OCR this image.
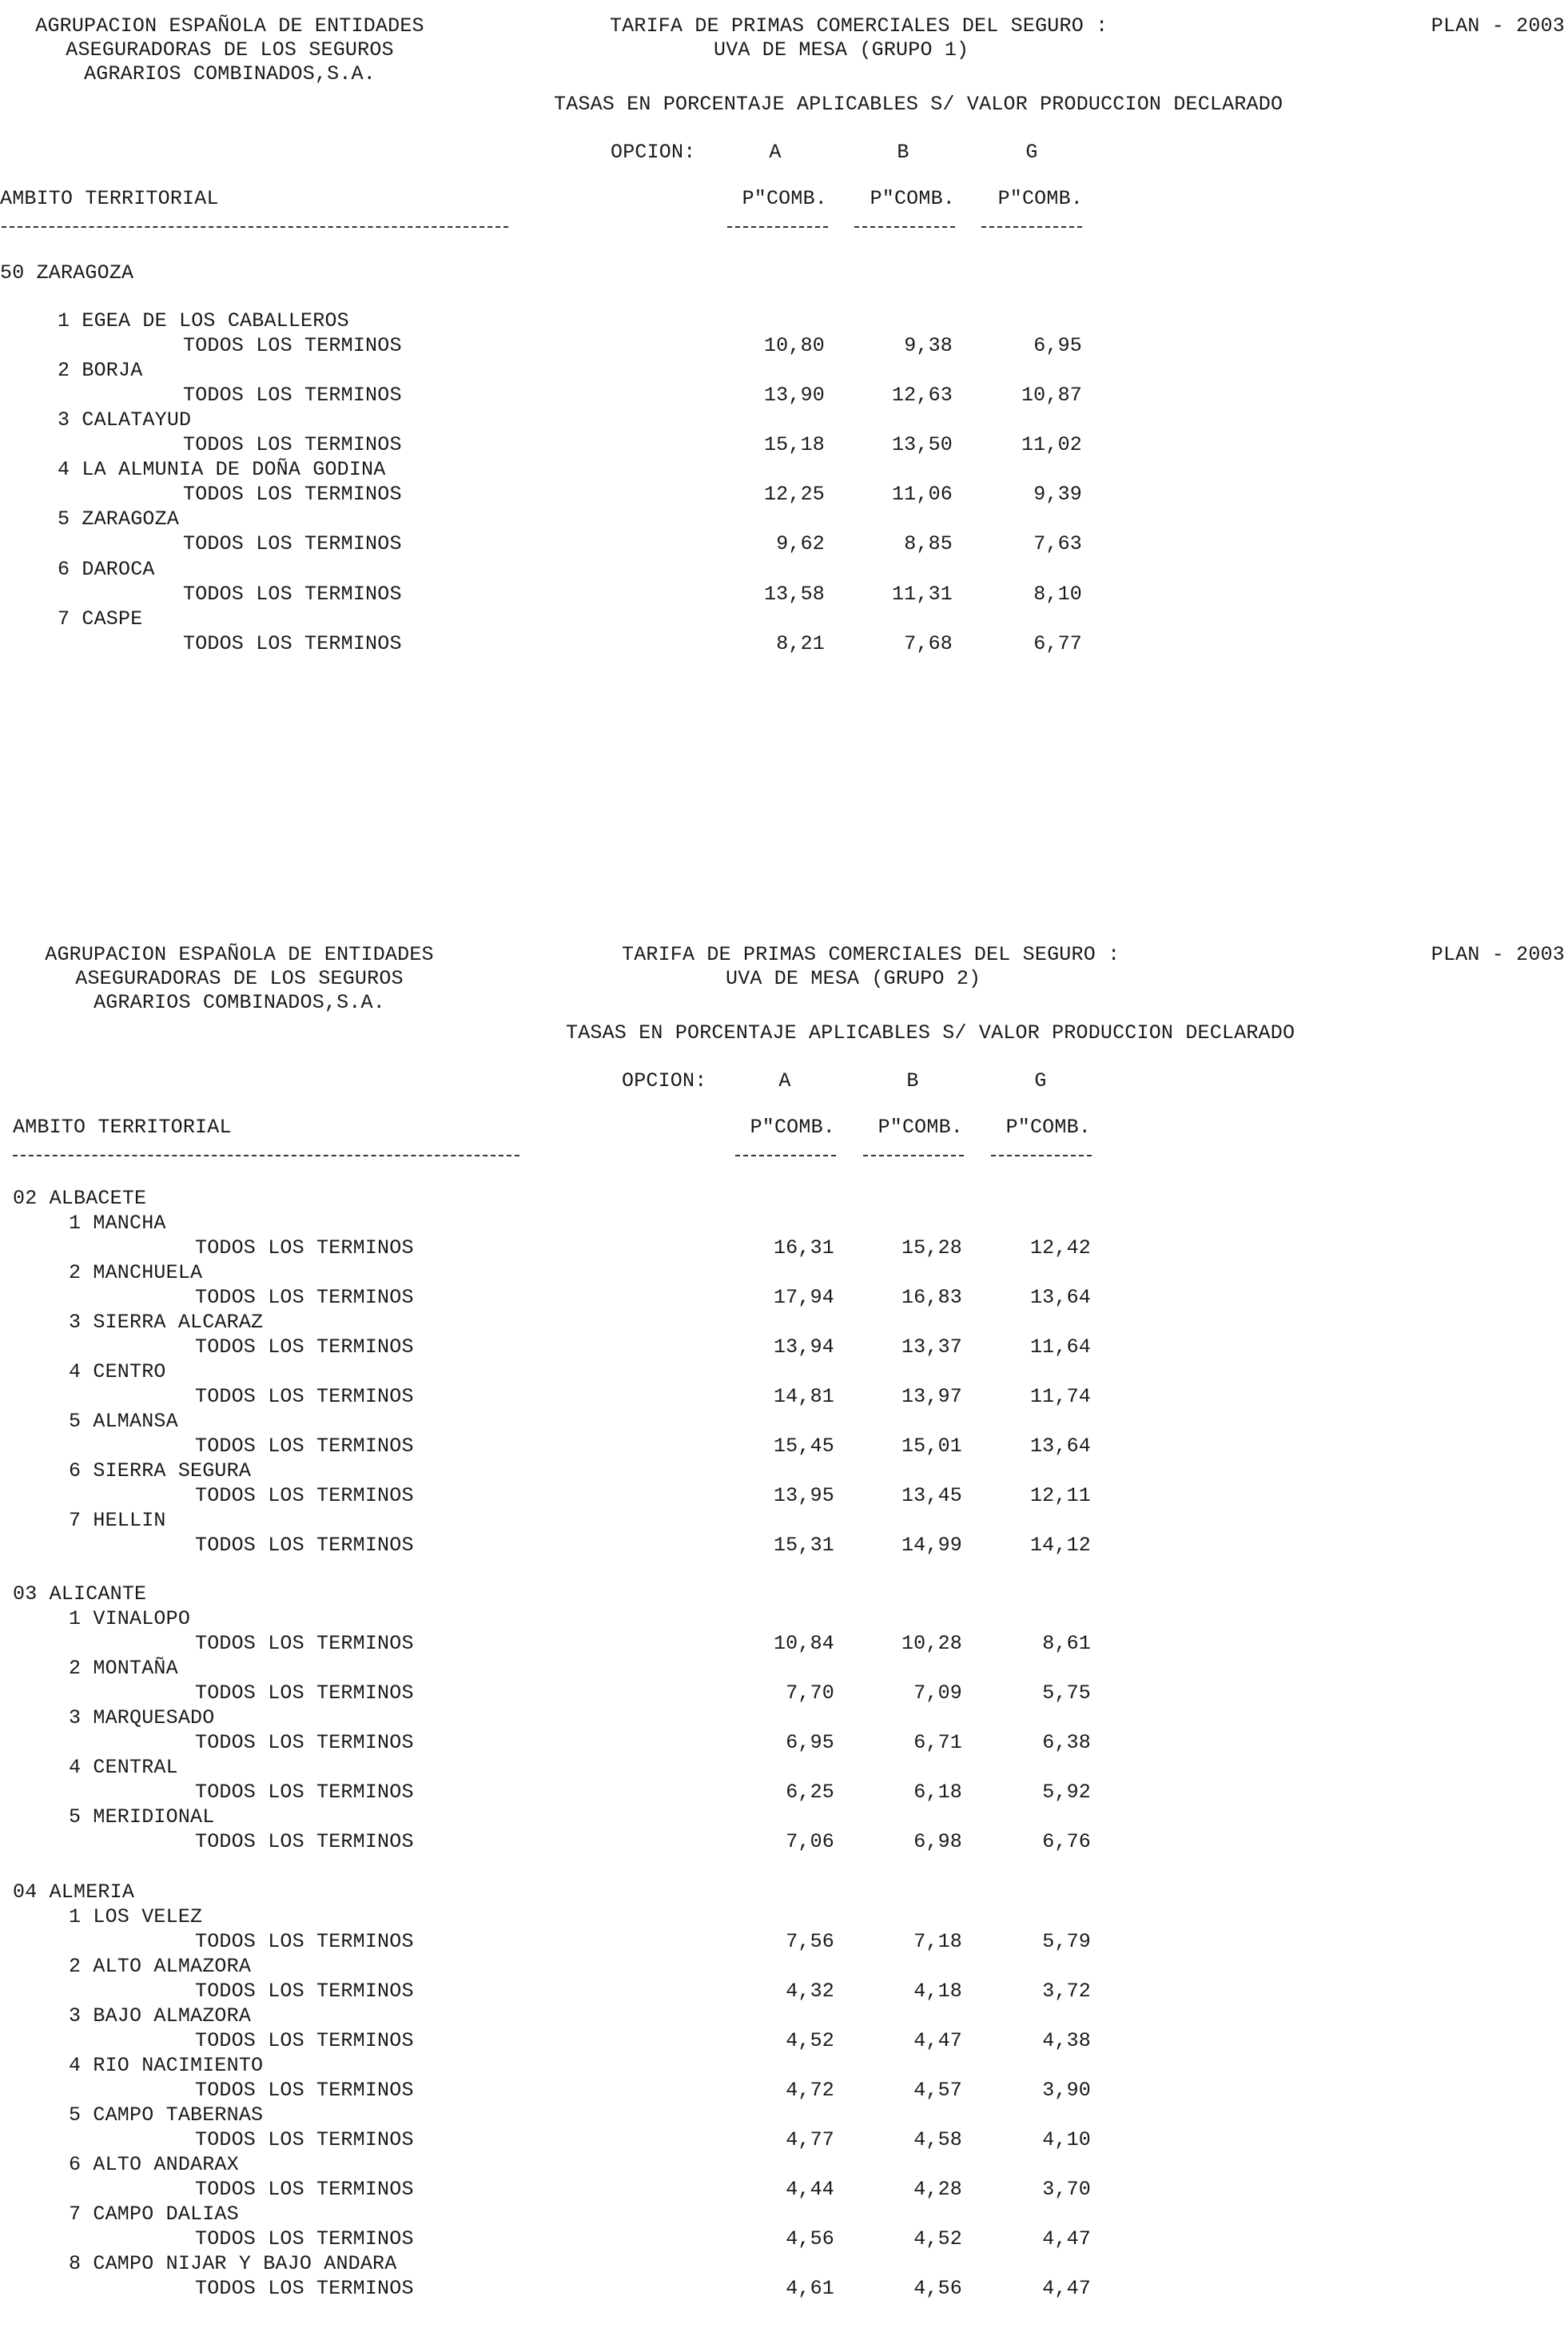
AGRUPACION ESPAÑOLA DE ENTIDADES
ASEGURADORAS DE LOS SEGUROS
AGRARIOS COMBINADOS,S.A.
TARIFA DE PRIMAS COMERCIALES DEL SEGURO :
UVA DE MESA (GRUPO 1)
PLAN - 2003
TASAS EN PORCENTAJE APLICABLES S/ VALOR PRODUCCION DECLARADO
OPCION:	A	B	G
AMBITO TERRITORIAL	P"COMB.	P"COMB.	P"COMB.
50 ZARAGOZA
1 EGEA DE LOS CABALLEROS
TODOS LOS TERMINOS	10,80	9,38	6,95
2 BORJA
TODOS LOS TERMINOS	13,90	12,63	10,87
3 CALATAYUD
TODOS LOS TERMINOS	15,18	13,50	11,02
4 LA ALMUNIA DE DOÑA GODINA
TODOS LOS TERMINOS	12,25	11,06	9,39
5 ZARAGOZA
TODOS LOS TERMINOS	9,62	8,85	7,63
6 DAROCA
TODOS LOS TERMINOS	13,58	11,31	8,10
7 CASPE
TODOS LOS TERMINOS	8,21	7,68	6,77
AGRUPACION ESPAÑOLA DE ENTIDADES
ASEGURADORAS DE LOS SEGUROS
AGRARIOS COMBINADOS,S.A.
TARIFA DE PRIMAS COMERCIALES DEL SEGURO :
UVA DE MESA (GRUPO 2)
PLAN - 2003
TASAS EN PORCENTAJE APLICABLES S/ VALOR PRODUCCION DECLARADO
OPCION:	A	B	G
AMBITO TERRITORIAL	P"COMB.	P"COMB.	P"COMB.
02 ALBACETE
1 MANCHA
TODOS LOS TERMINOS	16,31	15,28	12,42
2 MANCHUELA
TODOS LOS TERMINOS	17,94	16,83	13,64
3 SIERRA ALCARAZ
TODOS LOS TERMINOS	13,94	13,37	11,64
4 CENTRO
TODOS LOS TERMINOS	14,81	13,97	11,74
5 ALMANSA
TODOS LOS TERMINOS	15,45	15,01	13,64
6 SIERRA SEGURA
TODOS LOS TERMINOS	13,95	13,45	12,11
7 HELLIN
TODOS LOS TERMINOS	15,31	14,99	14,12
03 ALICANTE
1 VINALOPO
TODOS LOS TERMINOS	10,84	10,28	8,61
2 MONTAÑA
TODOS LOS TERMINOS	7,70	7,09	5,75
3 MARQUESADO
TODOS LOS TERMINOS	6,95	6,71	6,38
4 CENTRAL
TODOS LOS TERMINOS	6,25	6,18	5,92
5 MERIDIONAL
TODOS LOS TERMINOS	7,06	6,98	6,76
04 ALMERIA
1 LOS VELEZ
TODOS LOS TERMINOS	7,56	7,18	5,79
2 ALTO ALMAZORA
TODOS LOS TERMINOS	4,32	4,18	3,72
3 BAJO ALMAZORA
TODOS LOS TERMINOS	4,52	4,47	4,38
4 RIO NACIMIENTO
TODOS LOS TERMINOS	4,72	4,57	3,90
5 CAMPO TABERNAS
TODOS LOS TERMINOS	4,77	4,58	4,10
6 ALTO ANDARAX
TODOS LOS TERMINOS	4,44	4,28	3,70
7 CAMPO DALIAS
TODOS LOS TERMINOS	4,56	4,52	4,47
8 CAMPO NIJAR Y BAJO ANDARA
TODOS LOS TERMINOS	4,61	4,56	4,47
